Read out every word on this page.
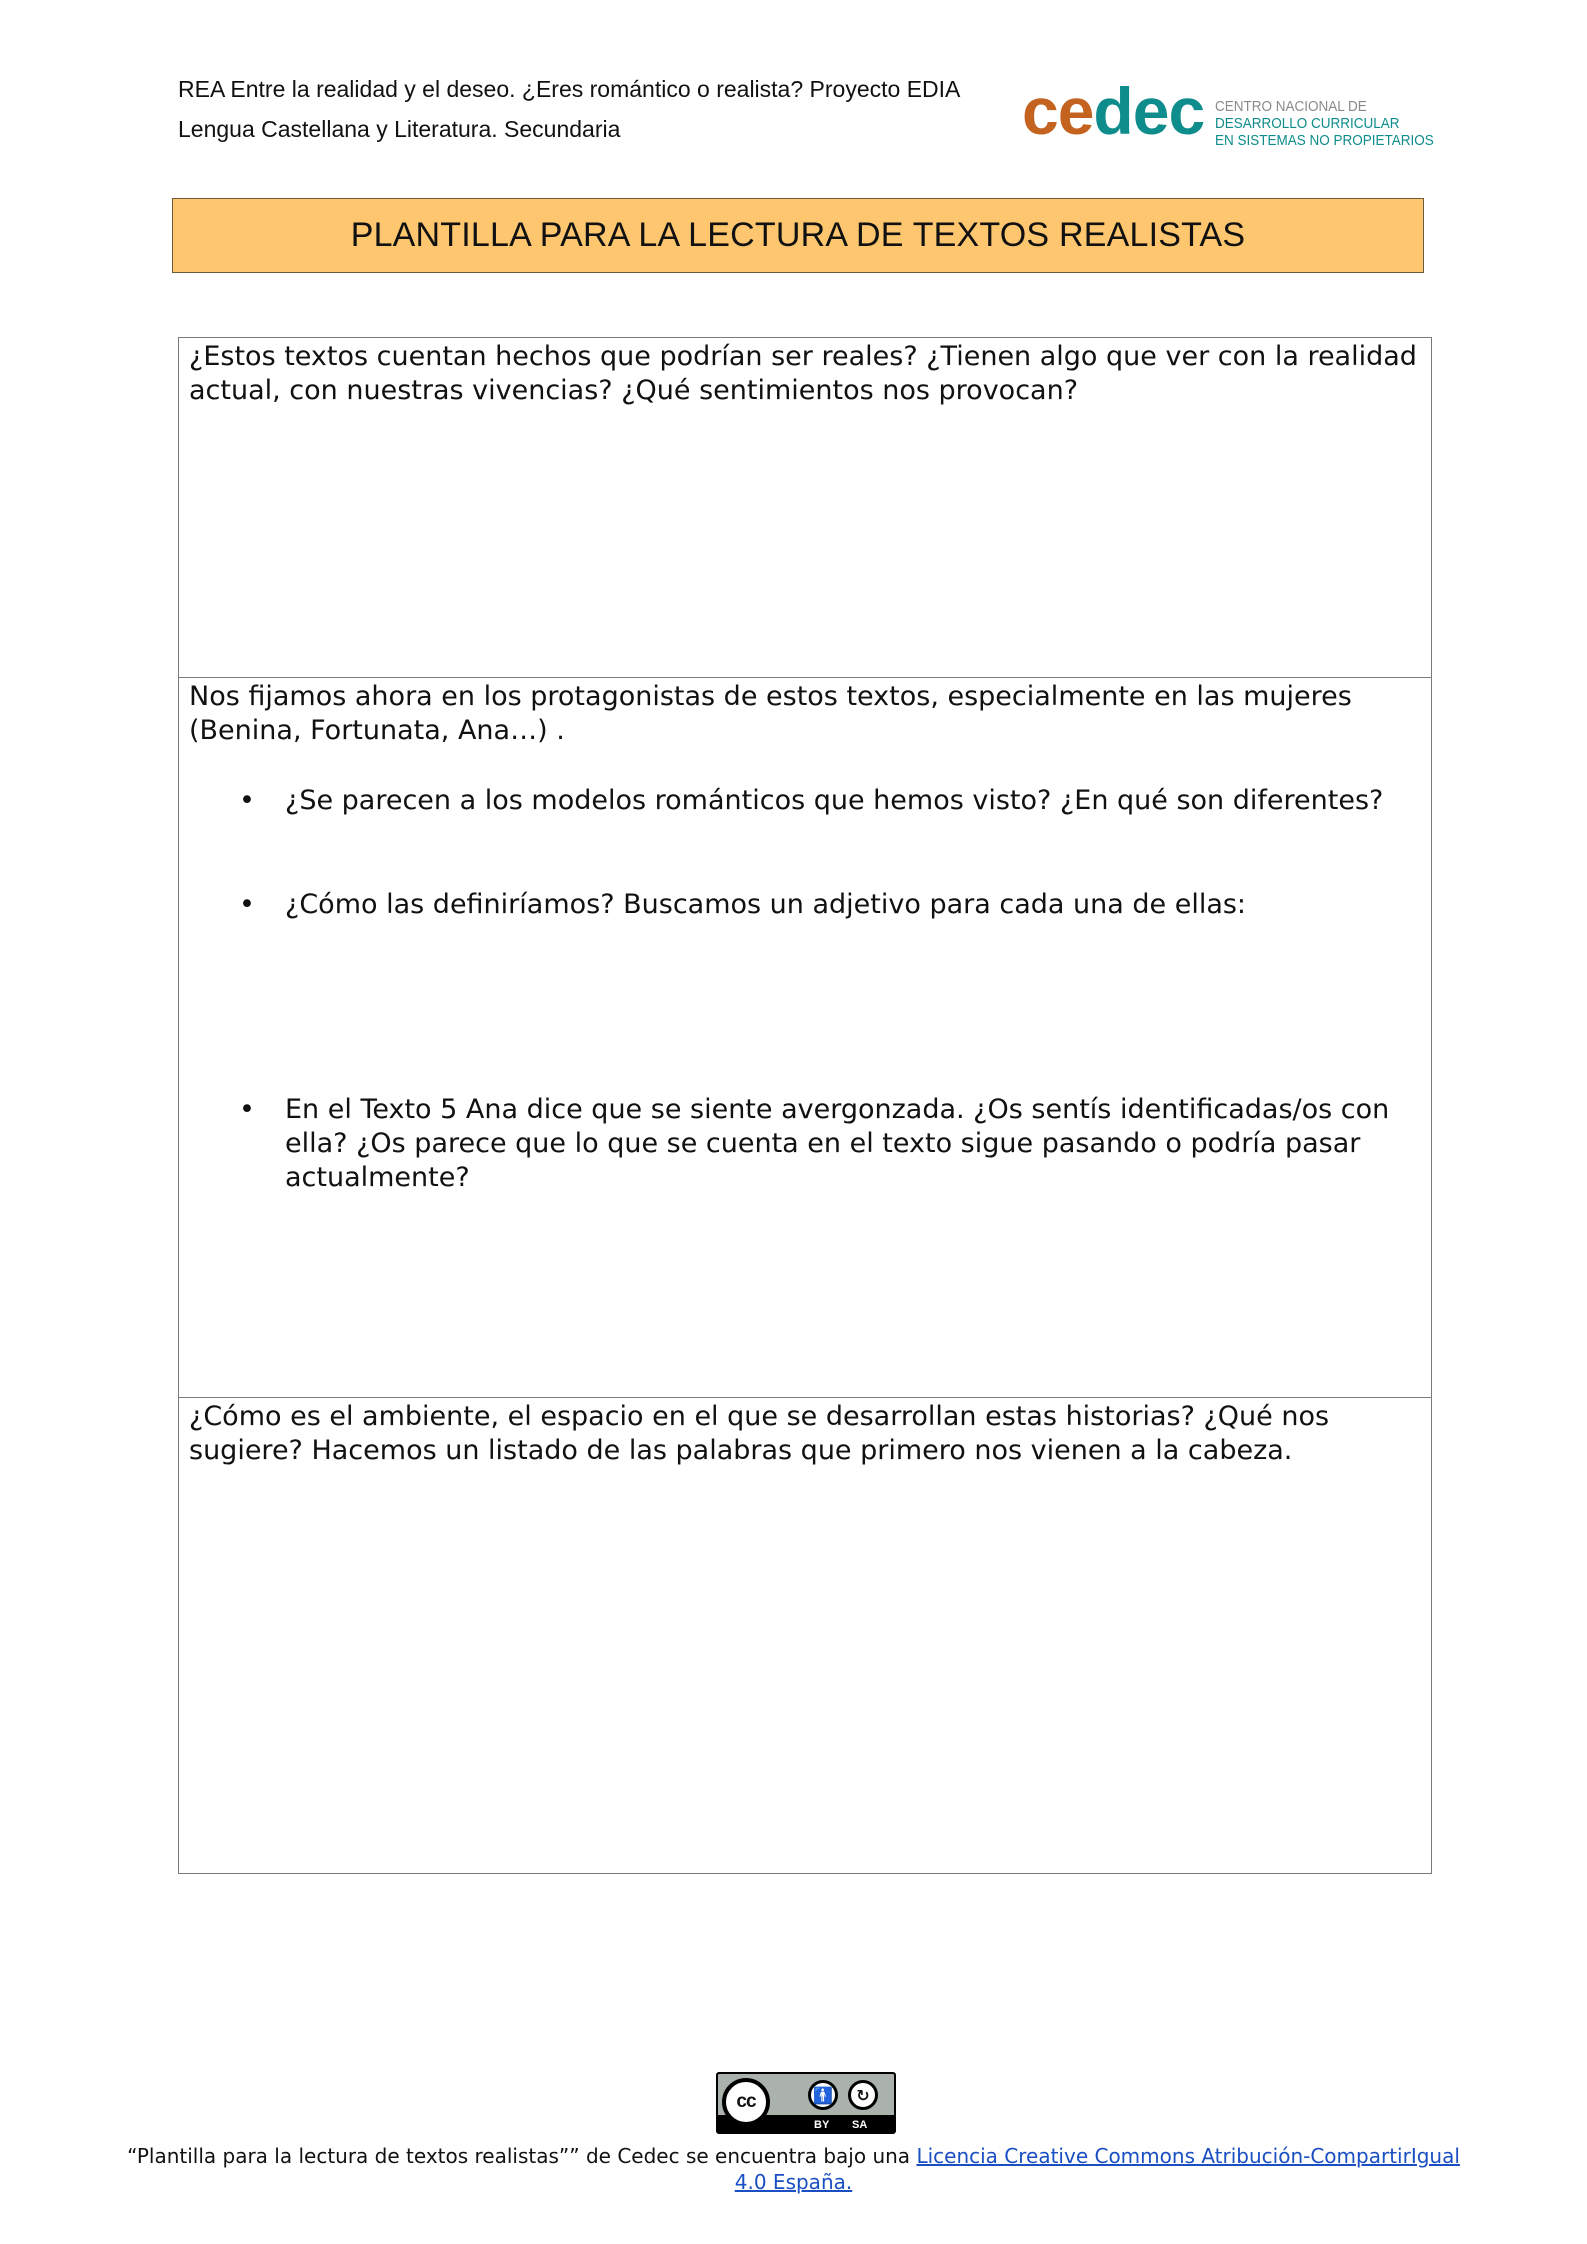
REA Entre la realidad y el deseo. ¿Eres romántico o realista? Proyecto EDIA
Lengua Castellana y Literatura. Secundaria	cedec CENTRO NACIONAL DE
DESARROLLO CURRICULAR
EN SISTEMAS NO PROPIETARIOS
PLANTILLA PARA LA LECTURA DE TEXTOS REALISTAS

¿Estos textos cuentan hechos que podrían ser reales? ¿Tienen algo que ver con la realidad actual, con nuestras vivencias? ¿Qué sentimientos nos provocan?

Nos fijamos ahora en los protagonistas de estos textos, especialmente en las mujeres (Benina, Fortunata, Ana…) .

• ¿Se parecen a los modelos románticos que hemos visto? ¿En qué son diferentes?

• ¿Cómo las definiríamos? Buscamos un adjetivo para cada una de ellas:

• En el Texto 5 Ana dice que se siente avergonzada. ¿Os sentís identificadas/os con ella? ¿Os parece que lo que se cuenta en el texto sigue pasando o podría pasar actualmente?

¿Cómo es el ambiente, el espacio en el que se desarrollan estas historias? ¿Qué nos sugiere? Hacemos un listado de las palabras que primero nos vienen a la cabeza.

cc	🚹	↻
BY SA
“Plantilla para la lectura de textos realistas”” de Cedec se encuentra bajo una Licencia Creative Commons Atribución-CompartirIgual 4.0 España.
